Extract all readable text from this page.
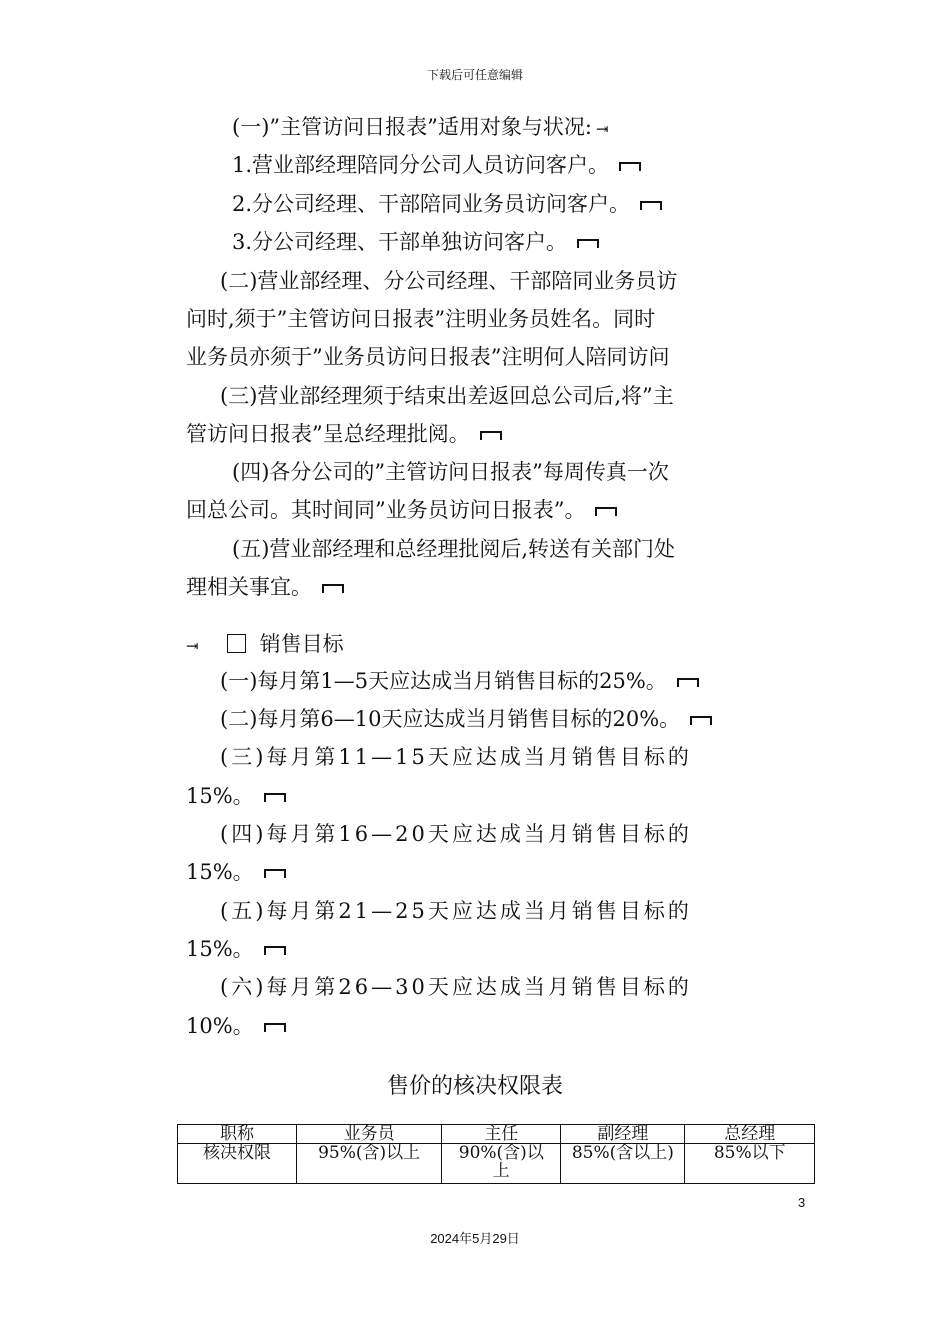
下载后可任意编辑
(一)”主管访问日报表”适用对象与状况: ⇥
1.营业部经理陪同分公司人员访问客户。
2.分公司经理、干部陪同业务员访问客户。
3.分公司经理、干部单独访问客户。
(二)营业部经理、分公司经理、干部陪同业务员访
问时,须于”主管访问日报表”注明业务员姓名。同时
业务员亦须于”业务员访问日报表”注明何人陪同访问
(三)营业部经理须于结束出差返回总公司后,将”主
管访问日报表”呈总经理批阅。
(四)各分公司的”主管访问日报表”每周传真一次
回总公司。其时间同”业务员访问日报表”。
(五)营业部经理和总经理批阅后,转送有关部门处
理相关事宜。
⇥	销售目标
(一)每月第1—5天应达成当月销售目标的25%。
(二)每月第6—10天应达成当月销售目标的20%。
(三)每月第11—15天应达成当月销售目标的
15%。
(四)每月第16—20天应达成当月销售目标的
15%。
(五)每月第21—25天应达成当月销售目标的
15%。
(六)每月第26—30天应达成当月销售目标的
10%。
售价的核决权限表
职称	业务员	主任	副经理	总经理
核决权限	95%(含)以上	90%(含)以上	85%(含以上)	85%以下
3
2024年5月29日
